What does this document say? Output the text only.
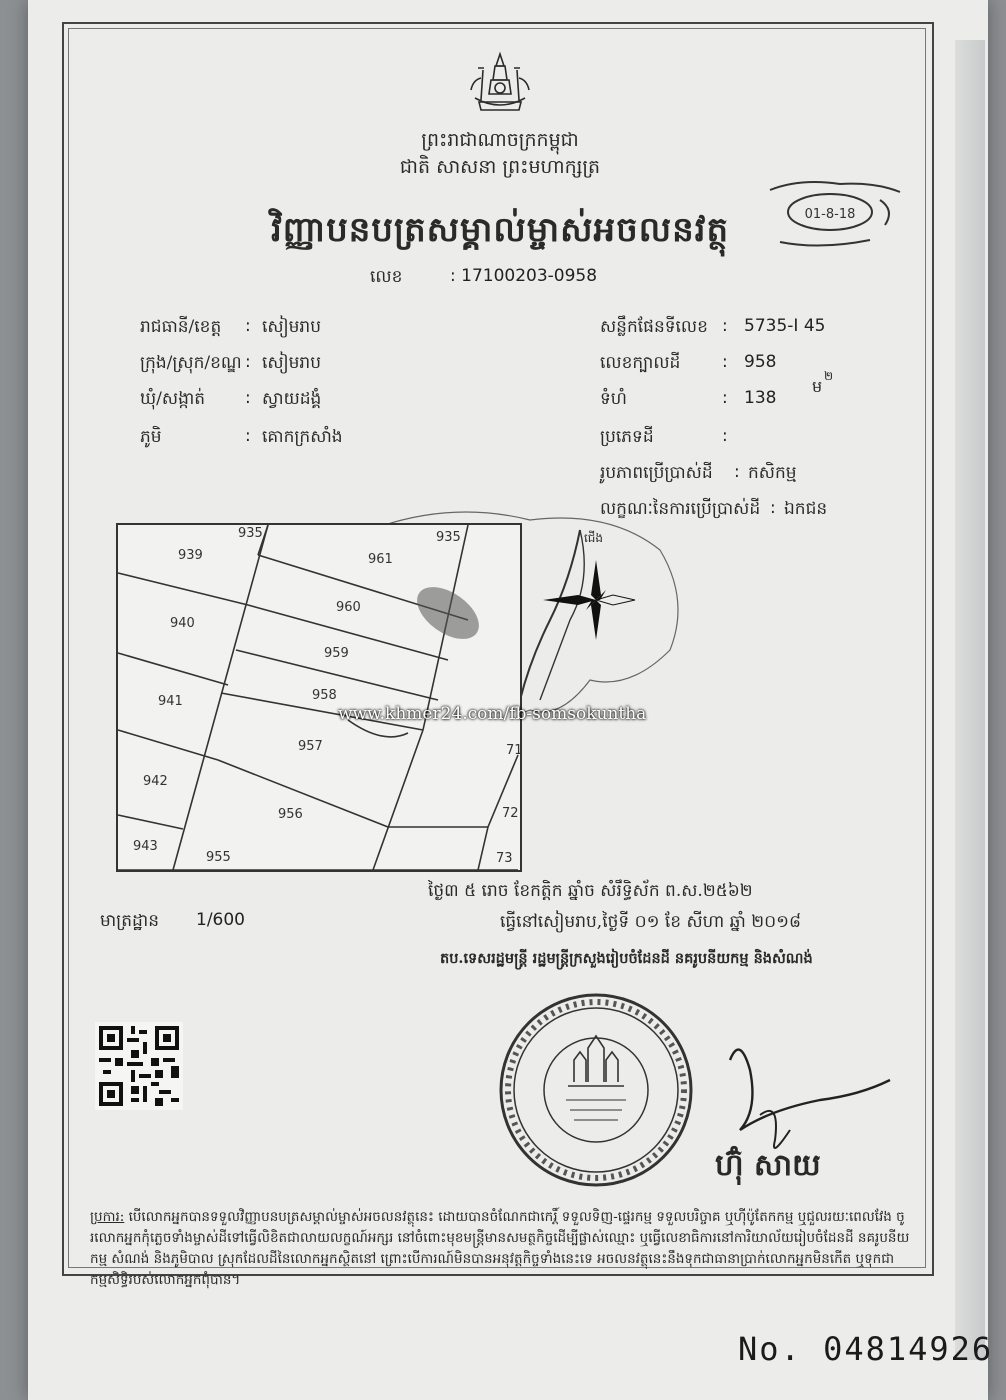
ព្រះរាជាណាចក្រកម្ពុជា
ជាតិ សាសនា ព្រះមហាក្សត្រ
វិញ្ញាបនបត្រសម្គាល់ម្ចាស់អចលនវត្ថុ
លេខ	: 17100203-0958
01-8-18
រាជធានី/ខេត្ត : សៀមរាប
ក្រុង/ស្រុក/ខណ្ឌ : សៀមរាប
ឃុំ/សង្កាត់ : ស្វាយដង្គំ
ភូមិ	: គោកក្រសាំង
សន្លឹកផែនទីលេខ : 5735-I 45
លេខក្បាលដី : 958
ទំហំ	: 138
ម
២
ប្រភេទដី	:
រូបភាពប្រើប្រាស់ដី : កសិកម្ម
លក្ខណៈនៃការប្រើប្រាស់ដី : ឯកជន
ជើង
935
939	961
935
960
940
959
941	958
957
942
956
943
955
72
73
71
www.khmer24.com/fb-somsokuntha
ថ្ងៃ៣ ៥ រោច ខែកត្តិក ឆ្នាំច សំរឹទ្ធិស័ក ព.ស.២៥៦២
ធ្វើនៅសៀមរាប,ថ្ងៃទី ០១ ខែ សីហា ឆ្នាំ ២០១៨
តប.ទេសរដ្ឋមន្ត្រី រដ្ឋមន្ត្រីក្រសួងរៀបចំដែនដី នគរូបនីយកម្ម និងសំណង់
មាត្រដ្ឋាន 1/600
ហ៊ុំ សាយ
ប្រការ: បើលោកអ្នកបានទទួលវិញ្ញាបនបត្រសម្គាល់ម្ចាស់អចលនវត្ថុនេះ ដោយបានចំណែកជាកេរ្តិ៍ ទទួលទិញ-ផ្ទេរកម្ម ទទួលបរិច្ចាគ ឬហ៊ីប៉ូតែកកម្ម ឬជួលរយៈពេលវែង ចូរលោកអ្នកកុំភ្លេចទាំងម្ចាស់ដីទៅធ្វើលិខិតជាលាយលក្ខណ៍អក្សរ នៅចំពោះមុខមន្ត្រីមានសមត្ថកិច្ចដើម្បីផ្លាស់ឈ្មោះ ឬធ្វើលេខាធិការនៅការិយាល័យរៀបចំដែនដី នគរូបនីយកម្ម សំណង់ និងភូមិបាល ស្រុកដែលដីនៃលោកអ្នកស្ថិតនៅ ព្រោះបើការណ៍មិនបានអនុវត្តកិច្ចទាំងនេះទេ អចលនវត្ថុនេះនឹងទុកជាធានាប្រាក់លោកអ្នកមិនកើត ឬទុកជាកម្មសិទ្ធិរបស់លោកអ្នកពុំបាន។
No. 04814926
